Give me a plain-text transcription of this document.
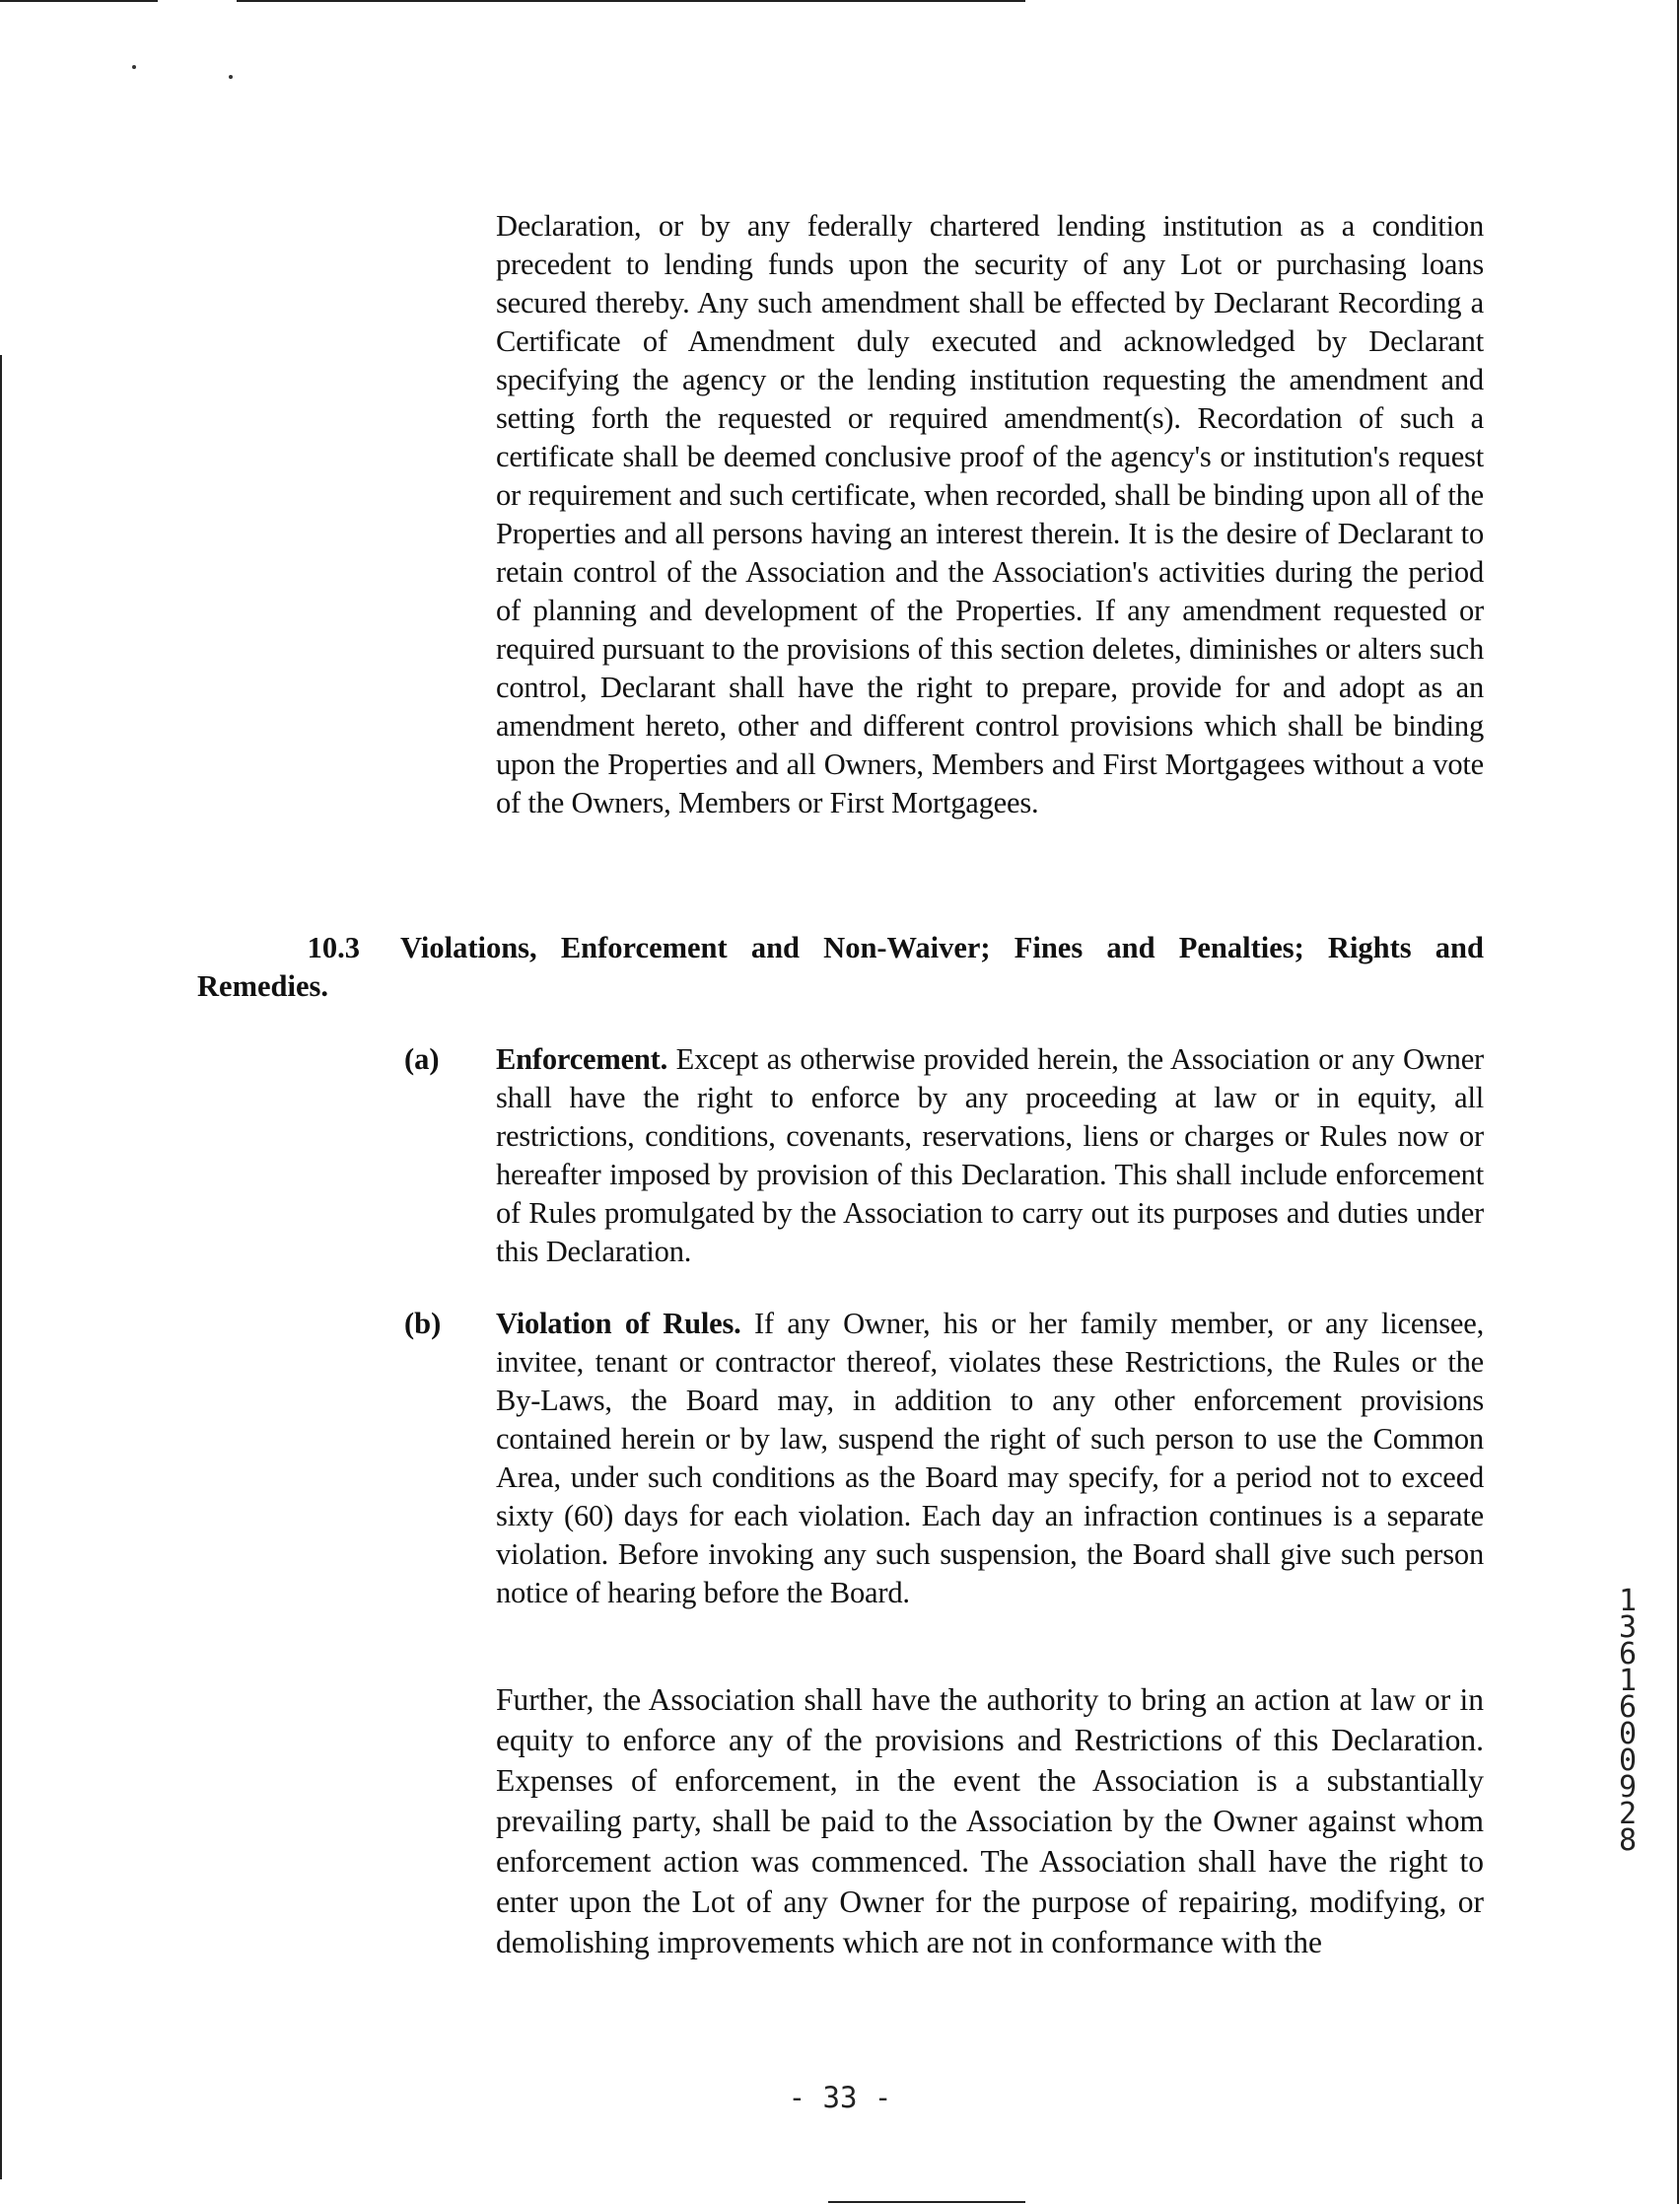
Declaration, or by any federally chartered lending institution as a condition precedent to lending funds upon the security of any Lot or purchasing loans secured thereby. Any such amendment shall be effected by Declarant Recording a Certificate of Amendment duly executed and acknowledged by Declarant specifying the agency or the lending institution requesting the amendment and setting forth the requested or required amendment(s). Recordation of such a certificate shall be deemed conclusive proof of the agency's or institution's request or requirement and such certificate, when recorded, shall be binding upon all of the Properties and all persons having an interest therein. It is the desire of Declarant to retain control of the Association and the Association's activities during the period of planning and development of the Properties. If any amendment requested or required pursuant to the provisions of this section deletes, diminishes or alters such control, Declarant shall have the right to prepare, provide for and adopt as an amendment hereto, other and different control provisions which shall be binding upon the Properties and all Owners, Members and First Mortgagees without a vote of the Owners, Members or First Mortgagees.

10.3 Violations, Enforcement and Non-Waiver; Fines and Penalties; Rights and
Remedies.
(a) Enforcement. Except as otherwise provided herein, the Association or any Owner shall have the right to enforce by any proceeding at law or in equity, all restrictions, conditions, covenants, reservations, liens or charges or Rules now or hereafter imposed by provision of this Declaration. This shall include enforcement of Rules promulgated by the Association to carry out its purposes and duties under this Declaration.

(b) Violation of Rules. If any Owner, his or her family member, or any licensee, invitee, tenant or contractor thereof, violates these Restrictions, the Rules or the By-Laws, the Board may, in addition to any other enforcement provisions contained herein or by law, suspend the right of such person to use the Common Area, under such conditions as the Board may specify, for a period not to exceed sixty (60) days for each violation. Each day an infraction continues is a separate violation. Before invoking any such suspension, the Board shall give such person notice of hearing before the Board.

Further, the Association shall have the authority to bring an action at law or in equity to enforce any of the provisions and Restrictions of this Declaration. Expenses of enforcement, in the event the Association is a substantially prevailing party, shall be paid to the Association by the Owner against whom enforcement action was commenced. The Association shall have the right to enter upon the Lot of any Owner for the purpose of repairing, modifying, or demolishing improvements which are not in conformance with the

13616 00928
- 33 -
